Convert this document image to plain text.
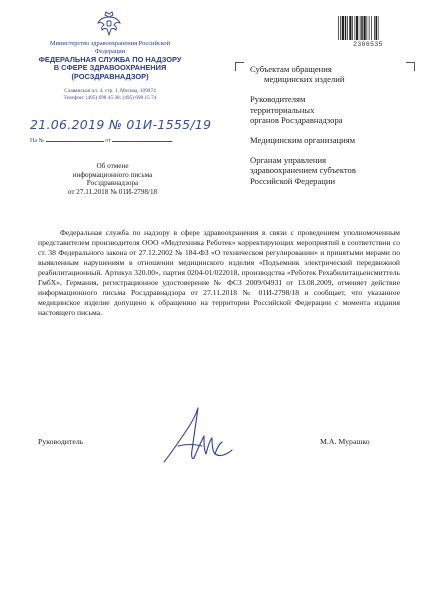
Министерство здравоохранения Российской Федерации
ФЕДЕРАЛЬНАЯ СЛУЖБА ПО НАДЗОРУ
В СФЕРЕ ЗДРАВООХРАНЕНИЯ
(РОСЗДРАВНАДЗОР)
Славянская пл. 4, стр. 1, Москва, 109074
Телефон: (495) 698 45 38; (495) 698 15 74
2306535
21.06.2019 № 01И-1555/19
На №	от
Об отмене
информационного письма
Росздравнадзора
от 27.11.2018 № 01И-2798/18
Субъектам обращения
медицинских изделий
Руководителям
территориальных
органов Росздравнадзора
Медицинским организациям
Органам управления
здравоохранением субъектов
Российской Федерации
Федеральная служба по надзору в сфере здравоохранения в связи с проведением уполномоченным представителем производителя ООО «Медтехника Реботек» корректирующих мероприятий в соответствии со ст. 38 Федерального закона от 27.12.2002 № 184-ФЗ «О техническом регулировании» и принятыми мерами по выявленным нарушениям в отношении медицинского изделия «Подъемник электрический передвижной реабилитационный. Артикул 320.00», партия 0204-01/022018, производства «Реботек Рехабилитацьенсмиттель ГмбХ», Германия, регистрационное удостоверение № ФСЗ 2009/04931 от 13.08.2009, отменяет действие информационного письма Росздравнадзора от 27.11.2018 № 01И-2798/18 и сообщает, что указанное медицинское изделие допущено к обращению на территории Российской Федерации с момента издания настоящего письма.
Руководитель	М.А. Мурашко
